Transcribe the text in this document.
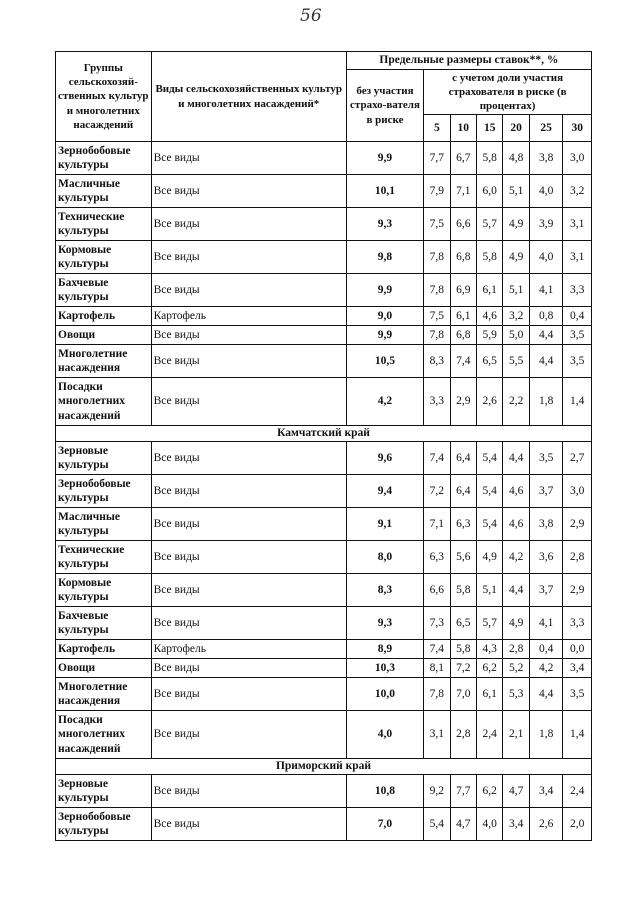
56
Группы сельскохозяй-ственных культур и многолетних насаждений	Виды сельскохозяйственных культур и многолетних насаждений*	Предельные размеры ставок**, %						
		без участия страхо-вателя в риске	с учетом доли участия страхователя в риске (в процентах)					
			5	10	15	20	25	30
Зернобобовые культуры	Все виды	9,9	7,7	6,7	5,8	4,8	3,8	3,0
Масличные культуры	Все виды	10,1	7,9	7,1	6,0	5,1	4,0	3,2
Технические культуры	Все виды	9,3	7,5	6,6	5,7	4,9	3,9	3,1
Кормовые культуры	Все виды	9,8	7,8	6,8	5,8	4,9	4,0	3,1
Бахчевые культуры	Все виды	9,9	7,8	6,9	6,1	5,1	4,1	3,3
Картофель	Картофель	9,0	7,5	6,1	4,6	3,2	0,8	0,4
Овощи	Все виды	9,9	7,8	6,8	5,9	5,0	4,4	3,5
Многолетние насаждения	Все виды	10,5	8,3	7,4	6,5	5,5	4,4	3,5
Посадки многолетних насаждений	Все виды	4,2	3,3	2,9	2,6	2,2	1,8	1,4
Камчатский край								
Зерновые культуры	Все виды	9,6	7,4	6,4	5,4	4,4	3,5	2,7
Зернобобовые культуры	Все виды	9,4	7,2	6,4	5,4	4,6	3,7	3,0
Масличные культуры	Все виды	9,1	7,1	6,3	5,4	4,6	3,8	2,9
Технические культуры	Все виды	8,0	6,3	5,6	4,9	4,2	3,6	2,8
Кормовые культуры	Все виды	8,3	6,6	5,8	5,1	4,4	3,7	2,9
Бахчевые культуры	Все виды	9,3	7,3	6,5	5,7	4,9	4,1	3,3
Картофель	Картофель	8,9	7,4	5,8	4,3	2,8	0,4	0,0
Овощи	Все виды	10,3	8,1	7,2	6,2	5,2	4,2	3,4
Многолетние насаждения	Все виды	10,0	7,8	7,0	6,1	5,3	4,4	3,5
Посадки многолетних насаждений	Все виды	4,0	3,1	2,8	2,4	2,1	1,8	1,4
Приморский край								
Зерновые культуры	Все виды	10,8	9,2	7,7	6,2	4,7	3,4	2,4
Зернобобовые культуры	Все виды	7,0	5,4	4,7	4,0	3,4	2,6	2,0
